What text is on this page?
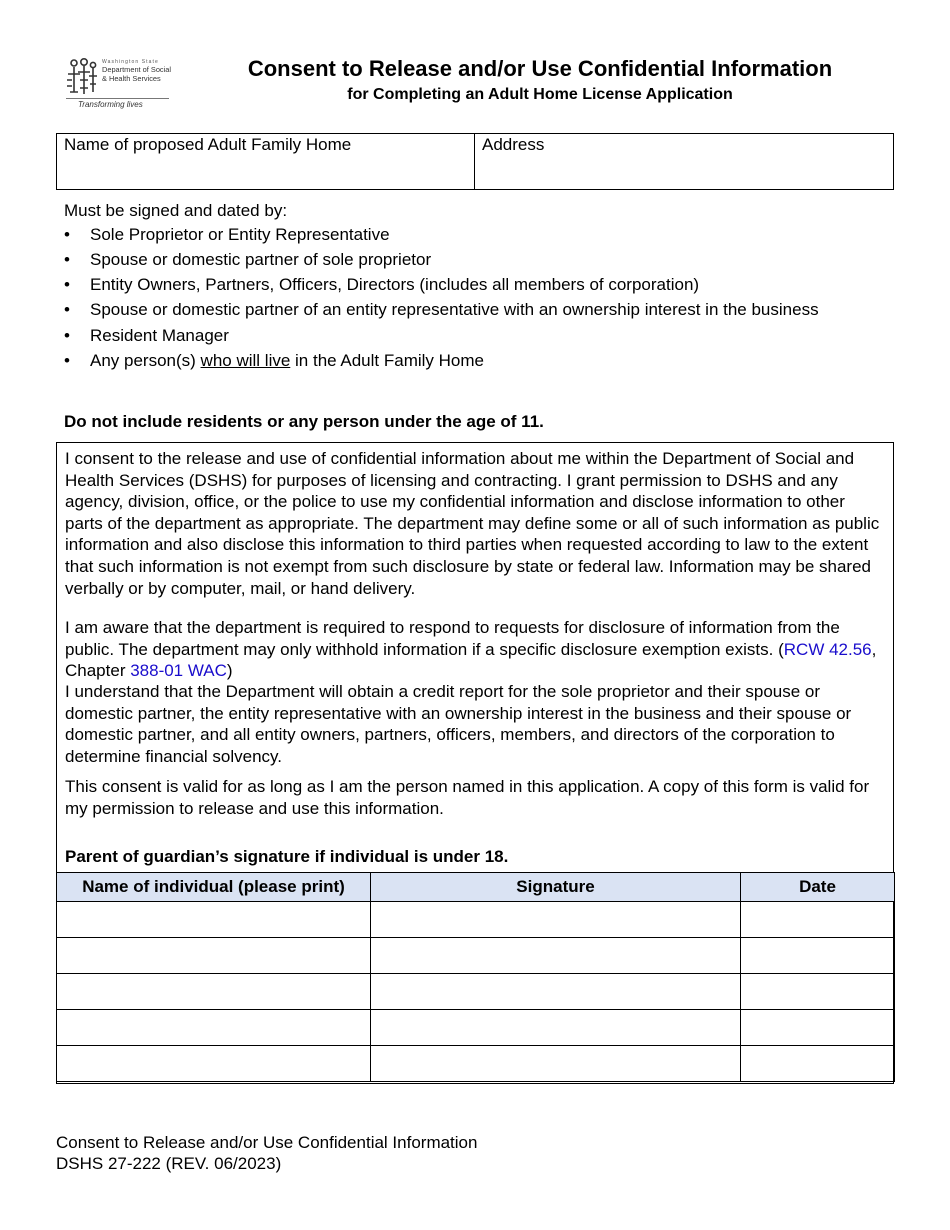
Washington State
Department of Social & Health Services
Transforming lives
Consent to Release and/or Use Confidential Information
for Completing an Adult Home License Application
Name of proposed Adult Family Home	Address
Must be signed and dated by:
• Sole Proprietor or Entity Representative
• Spouse or domestic partner of sole proprietor
• Entity Owners, Partners, Officers, Directors (includes all members of corporation)
• Spouse or domestic partner of an entity representative with an ownership interest in the business
• Resident Manager
• Any person(s) who will live in the Adult Family Home
Do not include residents or any person under the age of 11.

I consent to the release and use of confidential information about me within the Department of Social and Health Services (DSHS) for purposes of licensing and contracting. I grant permission to DSHS and any agency, division, office, or the police to use my confidential information and disclose information to other parts of the department as appropriate. The department may define some or all of such information as public information and also disclose this information to third parties when requested according to law to the extent that such information is not exempt from such disclosure by state or federal law. Information may be shared verbally or by computer, mail, or hand delivery.

I am aware that the department is required to respond to requests for disclosure of information from the public. The department may only withhold information if a specific disclosure exemption exists. (RCW 42.56, Chapter 388-01 WAC)

I understand that the Department will obtain a credit report for the sole proprietor and their spouse or domestic partner, the entity representative with an ownership interest in the business and their spouse or domestic partner, and all entity owners, partners, officers, members, and directors of the corporation to determine financial solvency.

This consent is valid for as long as I am the person named in this application. A copy of this form is valid for my permission to release and use this information.

Parent of guardian’s signature if individual is under 18.
Name of individual (please print)	Signature	Date

Consent to Release and/or Use Confidential Information
DSHS 27-222 (REV. 06/2023)
